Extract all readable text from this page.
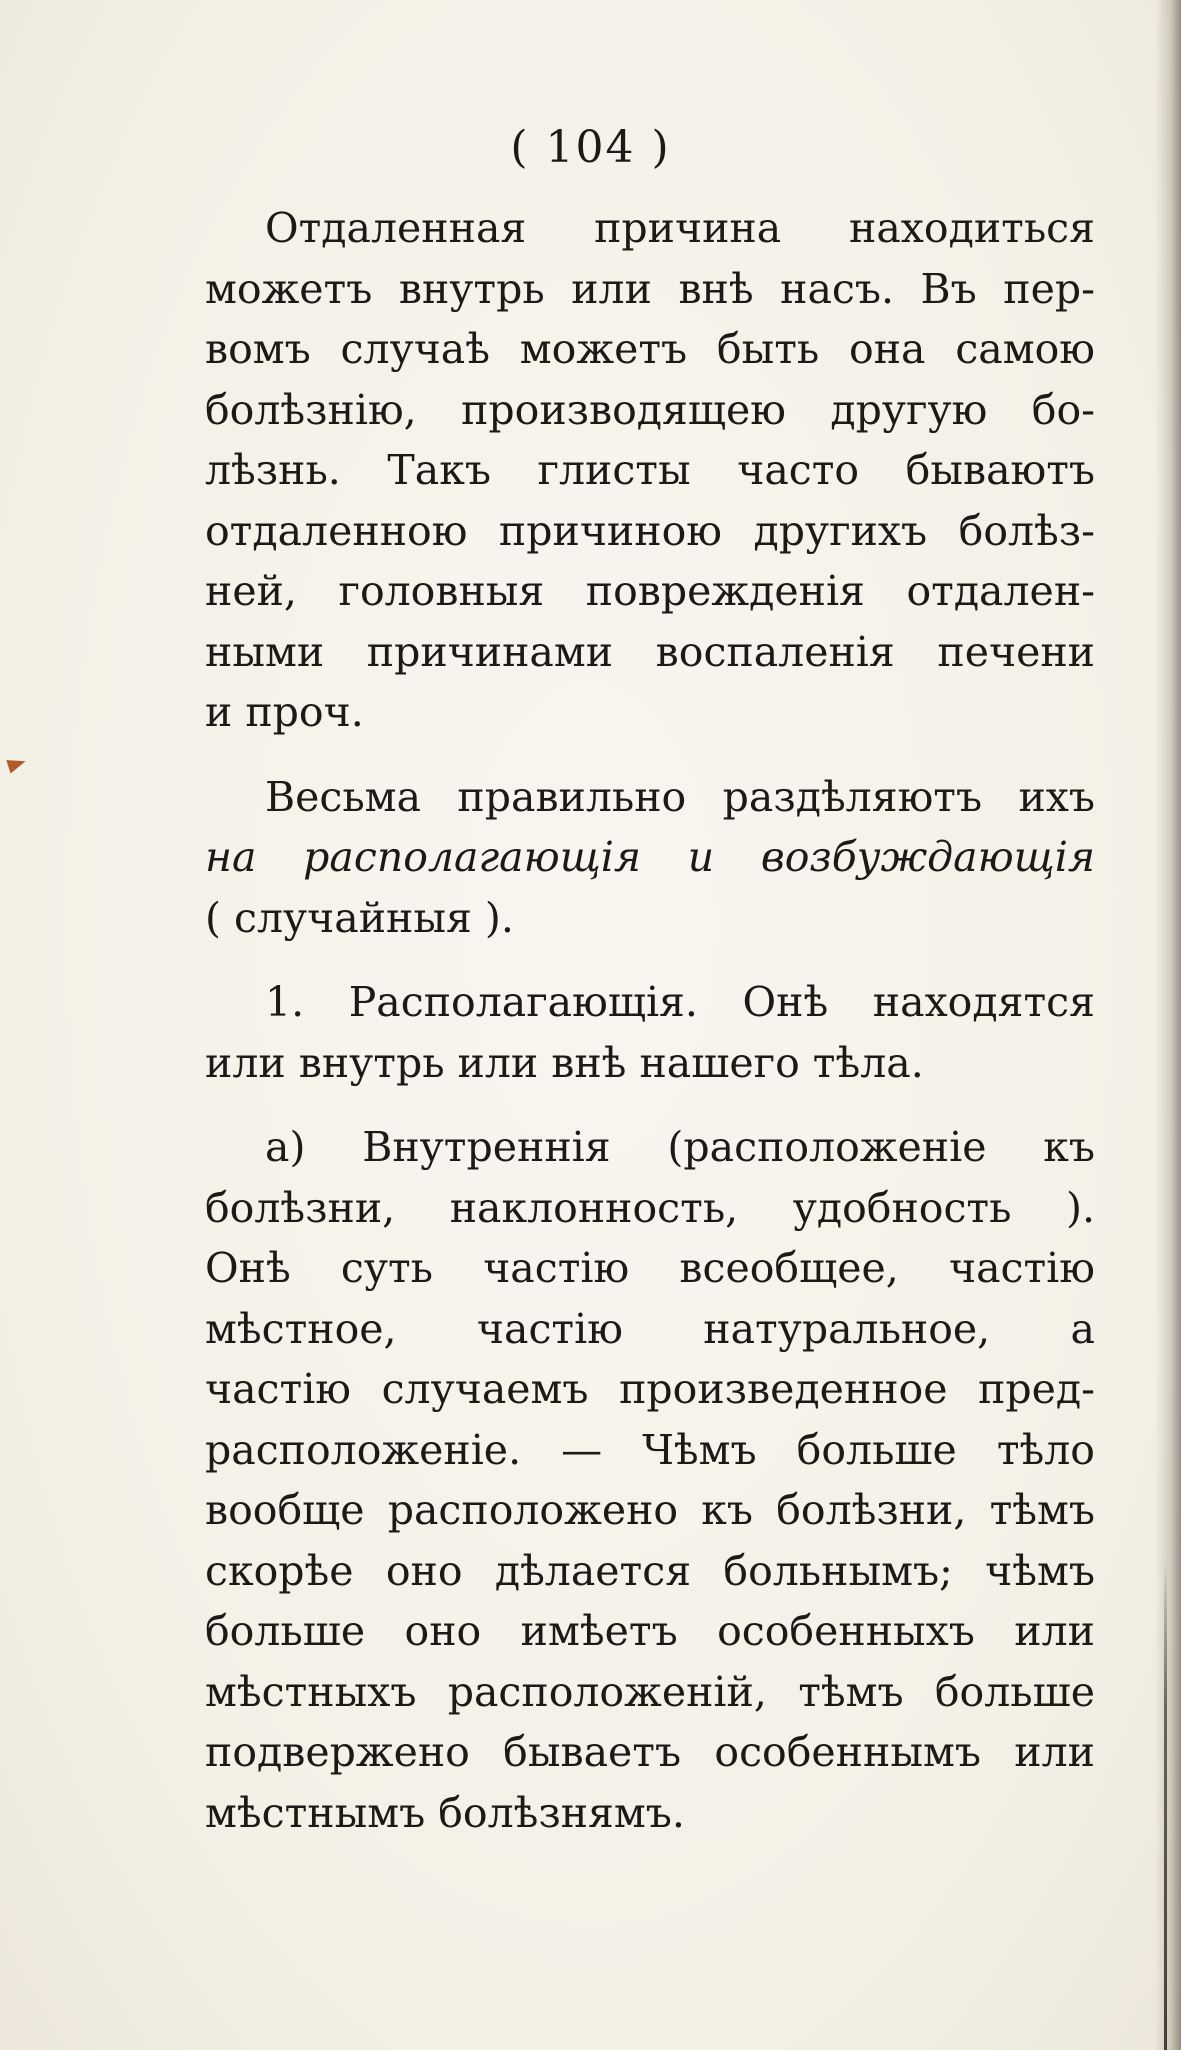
( 104 )
Отдаленная причина находиться
можетъ внутрь или внѣ насъ. Въ пер-
вомъ случаѣ можетъ быть она самою
болѣзнію, производящею другую бо-
лѣзнь. Такъ глисты часто бываютъ
отдаленною причиною другихъ болѣз-
ней, головныя поврежденія отдален-
ными причинами воспаленія печени
и проч.
Весьма правильно раздѣляютъ ихъ
на располагающія и возбуждающія
( случайныя ).
1. Располагающія. Онѣ находятся
или внутрь или внѣ нашего тѣла.
а) Внутреннія (расположеніе къ
болѣзни, наклонность, удобность ).
Онѣ суть частію всеобщее, частію
мѣстное, частію натуральное, а
частію случаемъ произведенное пред-
расположеніе. — Чѣмъ больше тѣло
вообще расположено къ болѣзни, тѣмъ
скорѣе оно дѣлается больнымъ; чѣмъ
больше оно имѣетъ особенныхъ или
мѣстныхъ расположеній, тѣмъ больше
подвержено бываетъ особеннымъ или
мѣстнымъ болѣзнямъ.
